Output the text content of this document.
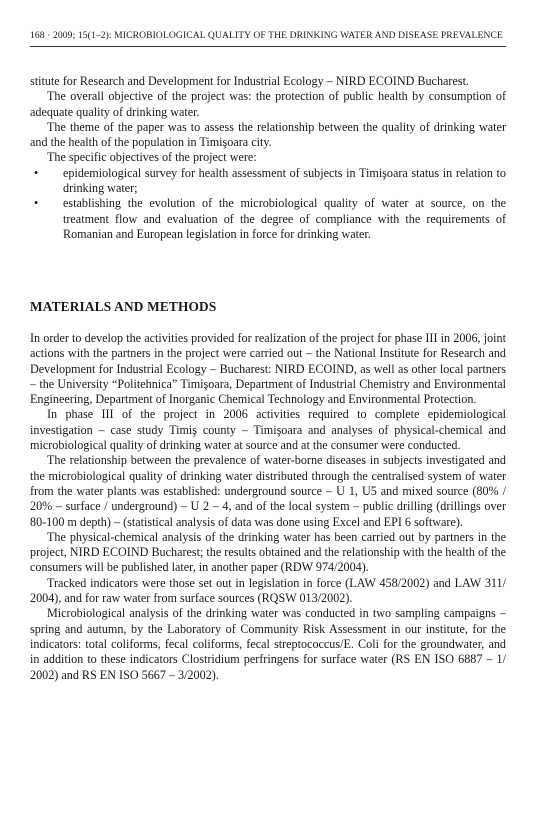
168 · 2009; 15(1–2): MICROBIOLOGICAL QUALITY OF THE DRINKING WATER AND DISEASE PREVALENCE

stitute for Research and Development for Industrial Ecology – NIRD ECOIND Bucharest.

The overall objective of the project was: the protection of public health by consumption of adequate quality of drinking water.

The theme of the paper was to assess the relationship between the quality of drinking water and the health of the population in Timişoara city.

The specific objectives of the project were:

• epidemiological survey for health assessment of subjects in Timişoara status in relation to drinking water;
• establishing the evolution of the microbiological quality of water at source, on the treatment flow and evaluation of the degree of compliance with the requirements of Romanian and European legislation in force for drinking water.
MATERIALS AND METHODS

In order to develop the activities provided for realization of the project for phase III in 2006, joint actions with the partners in the project were carried out – the National Institute for Research and Development for Industrial Ecology – Bucharest: NIRD ECOIND, as well as other local partners – the University “Politehnica” Timişoara, Department of Industrial Chemistry and Environmental Engineering, Department of Inorganic Chemical Technology and Environmental Protection.

In phase III of the project in 2006 activities required to complete epidemiological investigation – case study Timiş county – Timişoara and analyses of physical-chemical and microbiological quality of drinking water at source and at the consumer were conducted.

The relationship between the prevalence of water-borne diseases in subjects investigated and the microbiological quality of drinking water distributed through the centralised system of water from the water plants was established: underground source – U 1, U5 and mixed source (80% / 20% – surface / underground) – U 2 – 4, and of the local system – public drilling (drillings over 80-100 m depth) – (statistical analysis of data was done using Excel and EPI 6 software).

The physical-chemical analysis of the drinking water has been carried out by partners in the project, NIRD ECOIND Bucharest; the results obtained and the relationship with the health of the consumers will be published later, in another paper (RDW 974/2004).

Tracked indicators were those set out in legislation in force (LAW 458/2002) and LAW 311/ 2004), and for raw water from surface sources (RQSW 013/2002).

Microbiological analysis of the drinking water was conducted in two sampling campaigns – spring and autumn, by the Laboratory of Community Risk Assessment in our institute, for the indicators: total coliforms, fecal coliforms, fecal streptococcus/E. Coli for the groundwater, and in addition to these indicators Clostridium perfringens for surface water (RS EN ISO 6887 – 1/ 2002) and RS EN ISO 5667 – 3/2002).
